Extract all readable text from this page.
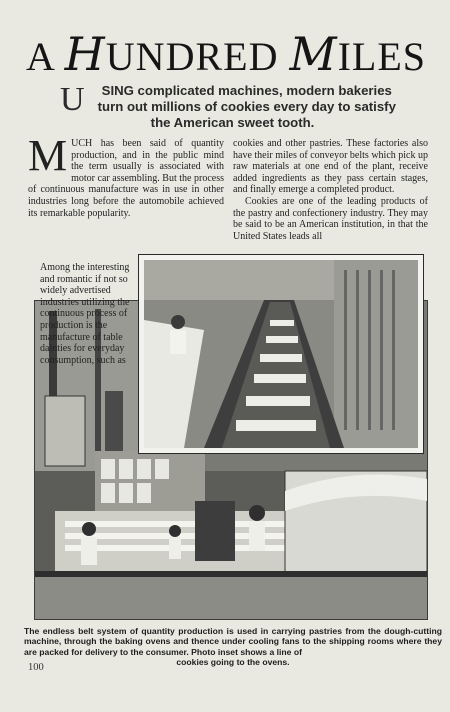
A HUNDRED MILES
U SING complicated machines, modern bakeries turn out millions of cookies every day to satisfy the American sweet tooth.
M UCH has been said of quantity production, and in the public mind the term usually is associated with motor car assembling. But the process of continuous manufacture was in use in other industries long before the automobile achieved its remarkable popularity.

cookies and other pastries. These factories also have their miles of conveyor belts which pick up raw materials at one end of the plant, receive added ingredients as they pass certain stages, and finally emerge a completed product.

Cookies are one of the leading products of the pastry and confectionery industry. They may be said to be an American institution, in that the United States leads all

Among the interesting and romantic if not so widely advertised industries utilizing the continuous process of production is the manufacture of table dainties for everyday consumption, such as

The endless belt system of quantity production is used in carrying pastries from the dough-cutting machine, through the baking ovens and thence under cooling fans to the shipping rooms where they are packed for delivery to the consumer. Photo inset shows a line of
cookies going to the ovens.
100
